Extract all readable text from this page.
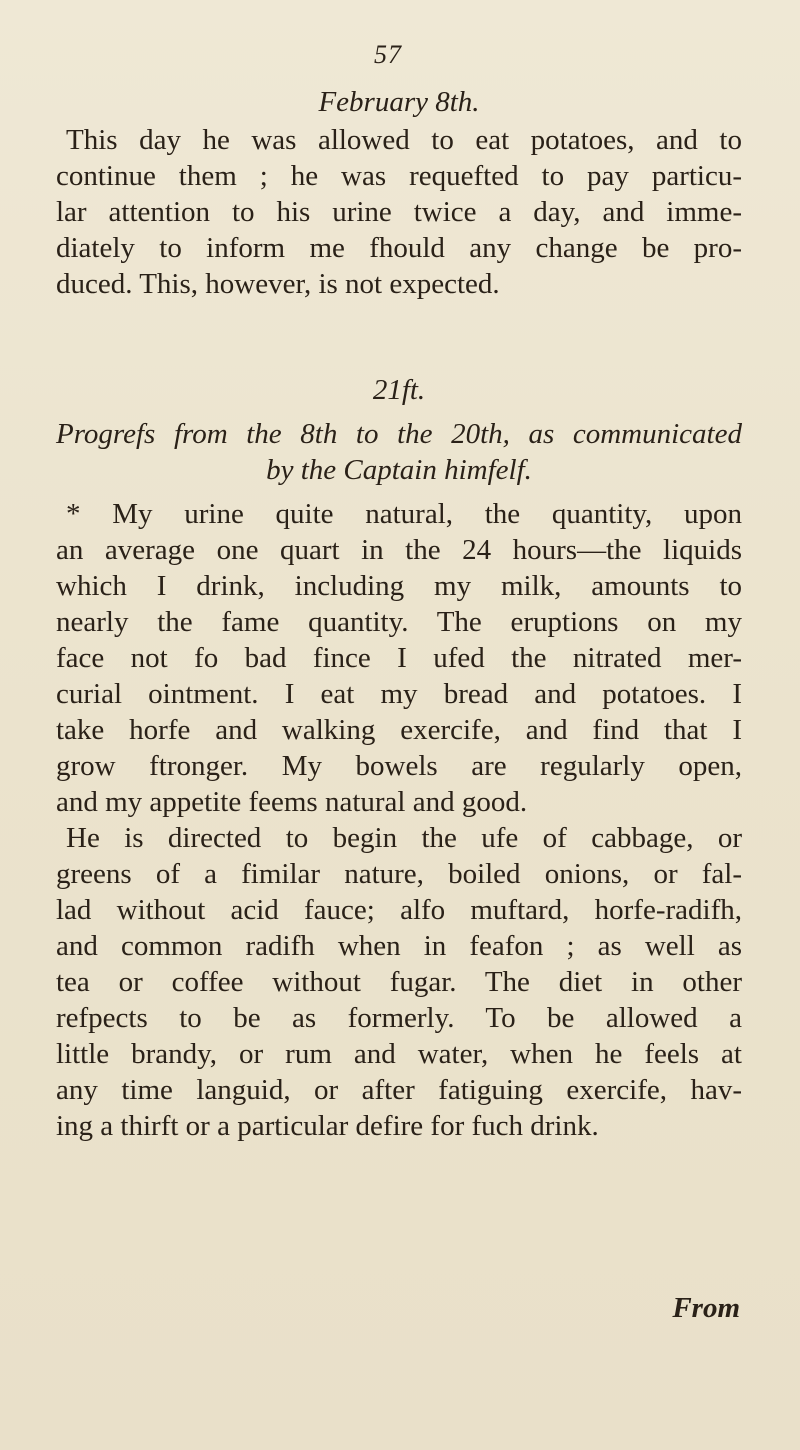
57
February 8th.
This day he was allowed to eat potatoes, and to
continue them ; he was requefted to pay particu-
lar attention to his urine twice a day, and imme-
diately to inform me fhould any change be pro-
duced. This, however, is not expected.
21ft.
Progrefs from the 8th to the 20th, as communicated
by the Captain himfelf.
* My urine quite natural, the quantity, upon
an average one quart in the 24 hours—the liquids
which I drink, including my milk, amounts to
nearly the fame quantity. The eruptions on my
face not fo bad fince I ufed the nitrated mer-
curial ointment. I eat my bread and potatoes. I
take horfe and walking exercife, and find that I
grow ftronger. My bowels are regularly open,
and my appetite feems natural and good.
He is directed to begin the ufe of cabbage, or
greens of a fimilar nature, boiled onions, or fal-
lad without acid fauce; alfo muftard, horfe-radifh,
and common radifh when in feafon ; as well as
tea or coffee without fugar. The diet in other
refpects to be as formerly. To be allowed a
little brandy, or rum and water, when he feels at
any time languid, or after fatiguing exercife, hav-
ing a thirft or a particular defire for fuch drink.
From
